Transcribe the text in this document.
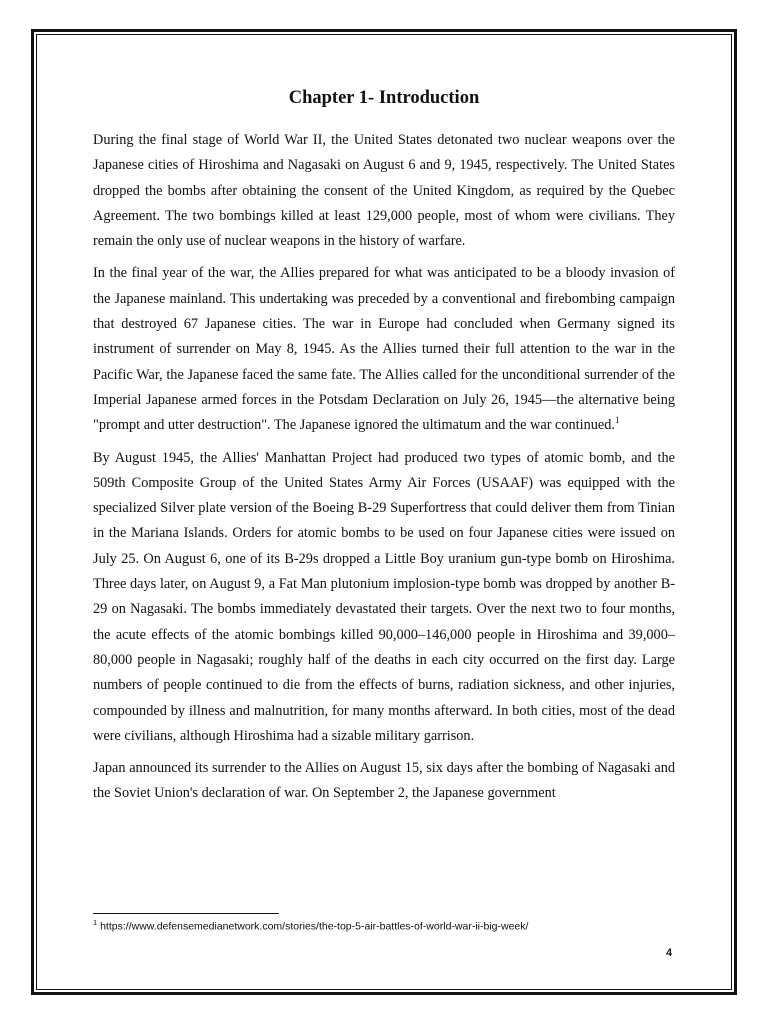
Chapter 1- Introduction

During the final stage of World War II, the United States detonated two nuclear weapons over the Japanese cities of Hiroshima and Nagasaki on August 6 and 9, 1945, respectively. The United States dropped the bombs after obtaining the consent of the United Kingdom, as required by the Quebec Agreement. The two bombings killed at least 129,000 people, most of whom were civilians. They remain the only use of nuclear weapons in the history of warfare.

In the final year of the war, the Allies prepared for what was anticipated to be a bloody invasion of the Japanese mainland. This undertaking was preceded by a conventional and firebombing campaign that destroyed 67 Japanese cities. The war in Europe had concluded when Germany signed its instrument of surrender on May 8, 1945. As the Allies turned their full attention to the war in the Pacific War, the Japanese faced the same fate. The Allies called for the unconditional surrender of the Imperial Japanese armed forces in the Potsdam Declaration on July 26, 1945—the alternative being "prompt and utter destruction". The Japanese ignored the ultimatum and the war continued.$^1$

By August 1945, the Allies' Manhattan Project had produced two types of atomic bomb, and the 509th Composite Group of the United States Army Air Forces (USAAF) was equipped with the specialized Silver plate version of the Boeing B-29 Superfortress that could deliver them from Tinian in the Mariana Islands. Orders for atomic bombs to be used on four Japanese cities were issued on July 25. On August 6, one of its B-29s dropped a Little Boy uranium gun-type bomb on Hiroshima. Three days later, on August 9, a Fat Man plutonium implosion-type bomb was dropped by another B-29 on Nagasaki. The bombs immediately devastated their targets. Over the next two to four months, the acute effects of the atomic bombings killed 90,000–146,000 people in Hiroshima and 39,000–80,000 people in Nagasaki; roughly half of the deaths in each city occurred on the first day. Large numbers of people continued to die from the effects of burns, radiation sickness, and other injuries, compounded by illness and malnutrition, for many months afterward. In both cities, most of the dead were civilians, although Hiroshima had a sizable military garrison.

Japan announced its surrender to the Allies on August 15, six days after the bombing of Nagasaki and the Soviet Union's declaration of war. On September 2, the Japanese government

$^1$ https://www.defensemedianetwork.com/stories/the-top-5-air-battles-of-world-war-ii-big-week/
4
